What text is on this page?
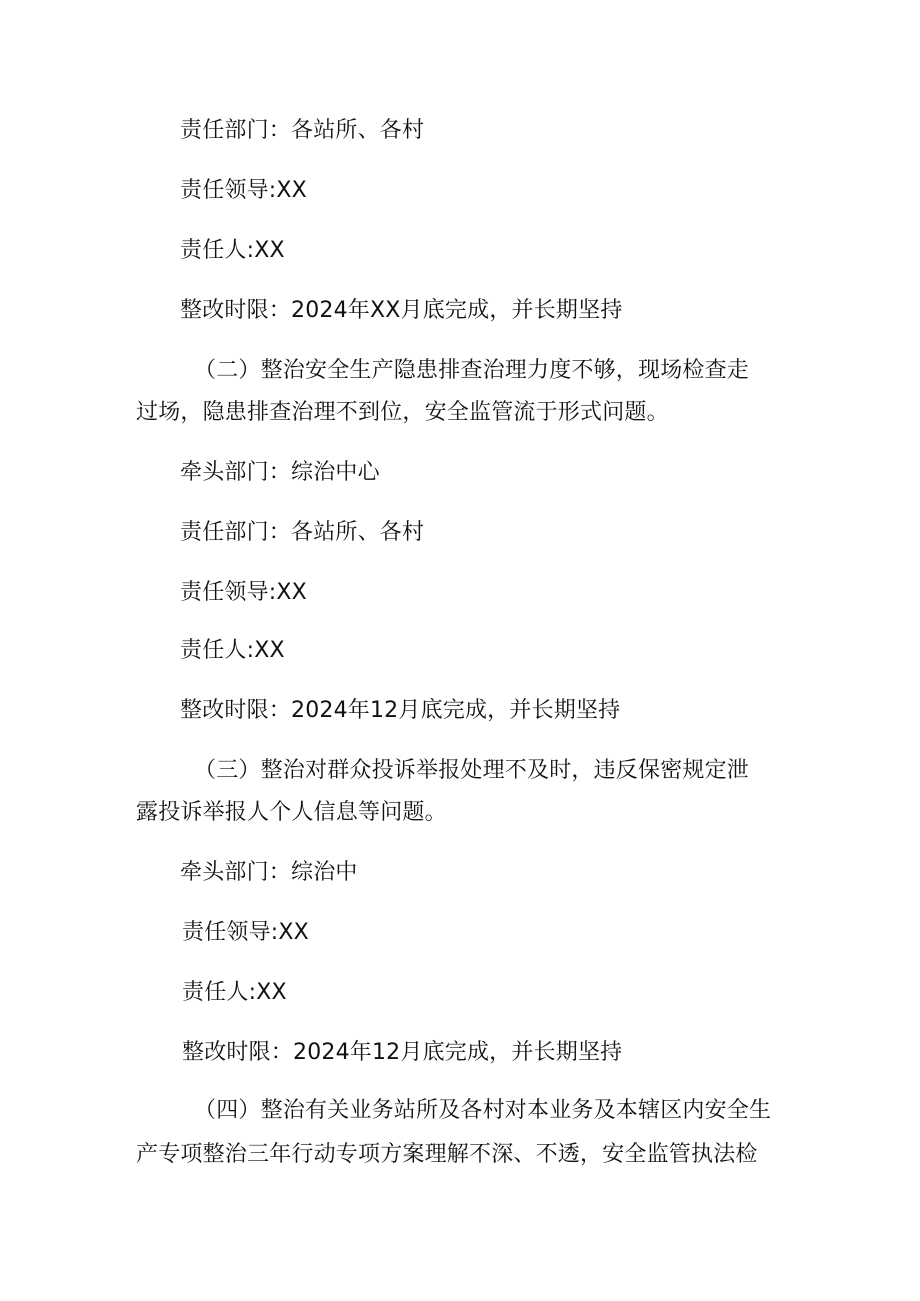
责任部门：各站所、各村
责任领导:XX
责任人:XX
整改时限：2024年XX月底完成，并长期坚持
（二）整治安全生产隐患排查治理力度不够，现场检查走
过场，隐患排查治理不到位，安全监管流于形式问题。
牵头部门：综治中心
责任部门：各站所、各村
责任领导:XX
责任人:XX
整改时限：2024年12月底完成，并长期坚持
（三）整治对群众投诉举报处理不及时，违反保密规定泄
露投诉举报人个人信息等问题。
牵头部门：综治中
责任领导:XX
责任人:XX
整改时限：2024年12月底完成，并长期坚持
（四）整治有关业务站所及各村对本业务及本辖区内安全生
产专项整治三年行动专项方案理解不深、不透，安全监管执法检
